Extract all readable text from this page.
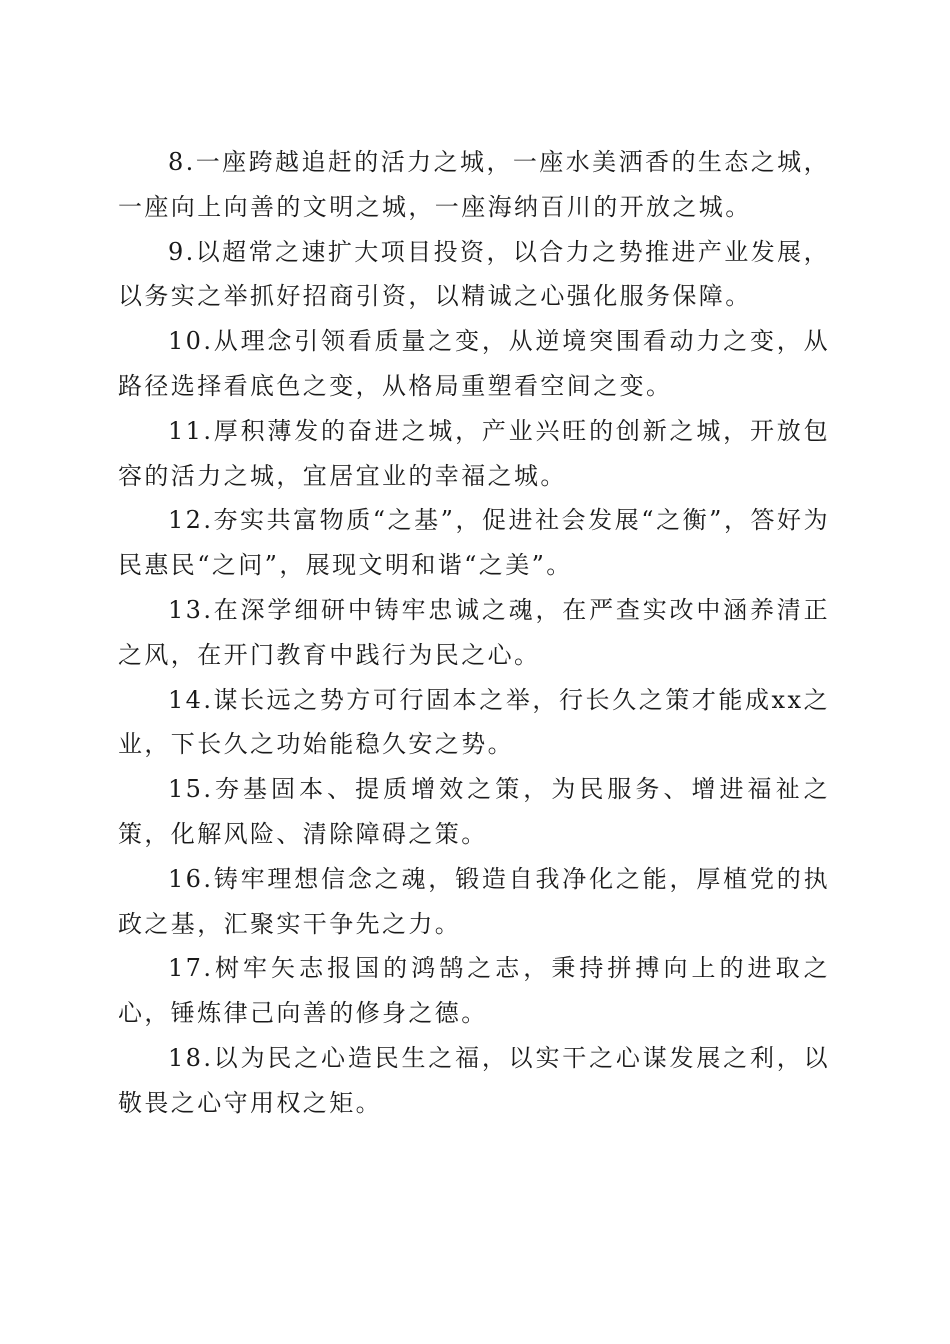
8.一座跨越追赶的活力之城，一座水美洒香的生态之城，一座向上向善的文明之城，一座海纳百川的开放之城。

9.以超常之速扩大项目投资，以合力之势推进产业发展，以务实之举抓好招商引资，以精诚之心强化服务保障。

10.从理念引领看质量之变，从逆境突围看动力之变，从路径选择看底色之变，从格局重塑看空间之变。

11.厚积薄发的奋进之城，产业兴旺的创新之城，开放包容的活力之城，宜居宜业的幸福之城。

12.夯实共富物质“之基”，促进社会发展“之衡”，答好为民惠民“之问”，展现文明和谐“之美”。

13.在深学细研中铸牢忠诚之魂，在严查实改中涵养清正之风，在开门教育中践行为民之心。

14.谋长远之势方可行固本之举，行长久之策才能成xx之业，下长久之功始能稳久安之势。

15.夯基固本、提质增效之策，为民服务、增进福祉之策，化解风险、清除障碍之策。

16.铸牢理想信念之魂，锻造自我净化之能，厚植党的执政之基，汇聚实干争先之力。

17.树牢矢志报国的鸿鹄之志，秉持拼搏向上的进取之心，锤炼律己向善的修身之德。

18.以为民之心造民生之福，以实干之心谋发展之利，以敬畏之心守用权之矩。
